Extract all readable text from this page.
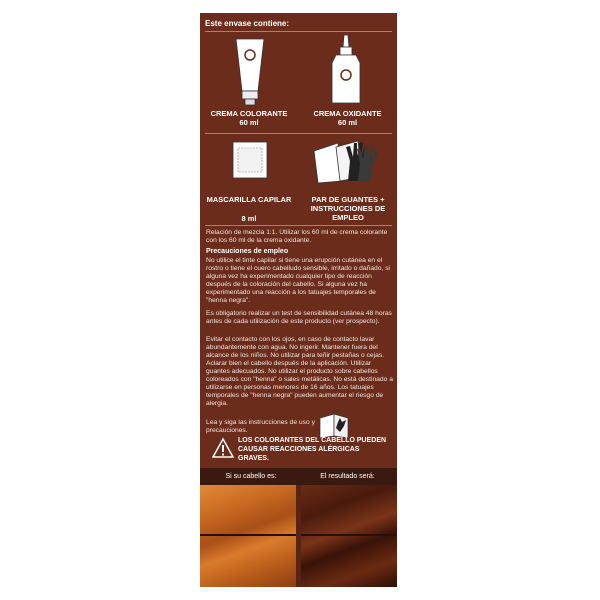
Este envase contiene:
CREMA COLORANTE
60 ml
CREMA OXIDANTE
60 ml
MASCARILLA CAPILAR
8 ml
PAR DE GUANTES + INSTRUCCIONES DE EMPLEO
Relación de mezcla 1:1. Utilizar los 60 ml de crema colorante con los 60 ml de la crema oxidante.
Precauciones de empleo
No utilice el tinte capilar si tiene una erupción cutánea en el rostro o tiene el cuero cabelludo sensible, irritado o dañado, si alguna vez ha experimentado cualquier tipo de reacción después de la coloración del cabello. Si alguna vez ha experimentado una reacción a los tatuajes temporales de "henna negra".
Es obligatorio realizar un test de sensibilidad cutánea 48 horas antes de cada utilización de este producto (ver prospecto).
Evitar el contacto con los ojos, en caso de contacto lavar abundantemente con agua. No ingerir. Mantener fuera del alcance de los niños. No utilizar para teñir pestañas o cejas. Aclarar bien el cabello después de la aplicación. Utilizar guantes adecuados. No utilizar el producto sobre cabellos coloreados con "henna" o sales metálicas. No está destinado a utilizarse en personas menores de 16 años. Los tatuajes temporales de "henna negra" pueden aumentar el riesgo de alergia.
Lea y siga las instrucciones de uso y precauciones.
LOS COLORANTES DEL CABELLO PUEDEN CAUSAR REACCIONES ALÉRGICAS GRAVES.
Si su cabello es:	El resultado será:
